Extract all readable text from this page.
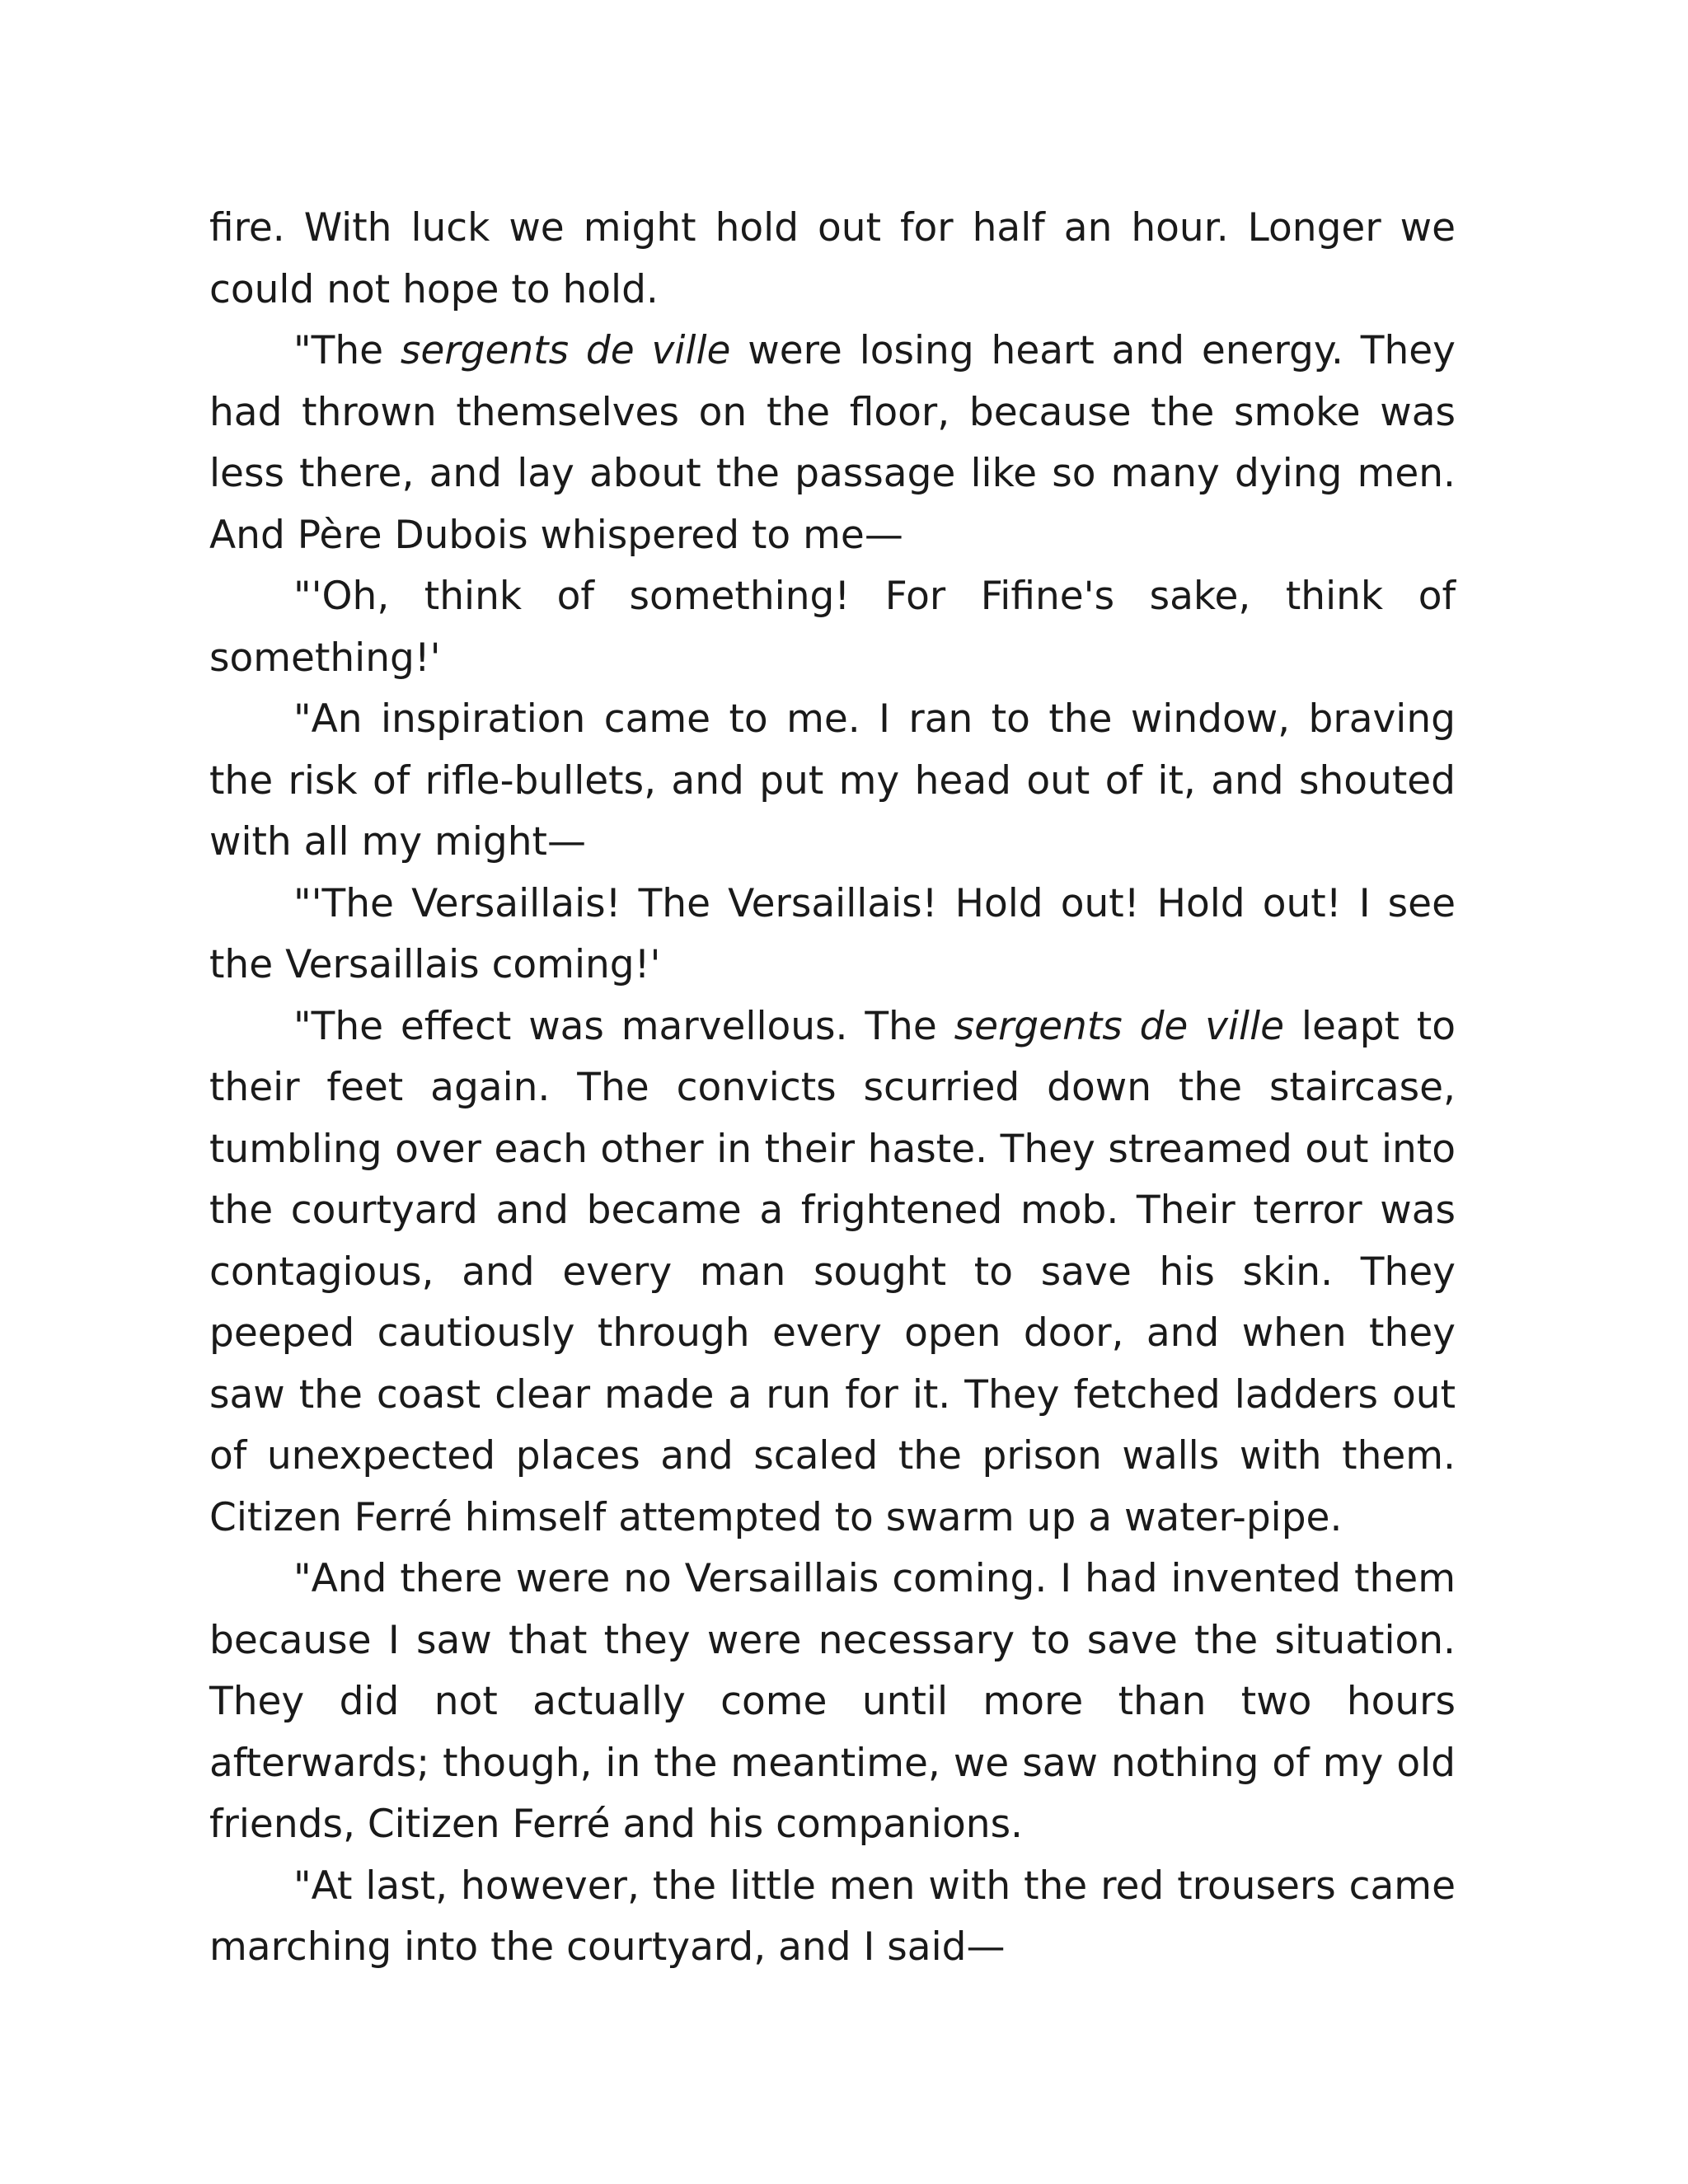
fire. With luck we might hold out for half an hour. Longer we could not hope to hold.

"The sergents de ville were losing heart and energy. They had thrown themselves on the floor, because the smoke was less there, and lay about the passage like so many dying men. And Père Dubois whispered to me—

"'Oh, think of something! For Fifine's sake, think of something!'

"An inspiration came to me. I ran to the window, braving the risk of rifle-bullets, and put my head out of it, and shouted with all my might—

"'The Versaillais! The Versaillais! Hold out! Hold out! I see the Versaillais coming!'

"The effect was marvellous. The sergents de ville leapt to their feet again. The convicts scurried down the staircase, tumbling over each other in their haste. They streamed out into the courtyard and became a frightened mob. Their terror was contagious, and every man sought to save his skin. They peeped cautiously through every open door, and when they saw the coast clear made a run for it. They fetched ladders out of unexpected places and scaled the prison walls with them. Citizen Ferré himself attempted to swarm up a water-pipe.

"And there were no Versaillais coming. I had invented them because I saw that they were necessary to save the situation. They did not actually come until more than two hours afterwards; though, in the meantime, we saw nothing of my old friends, Citizen Ferré and his companions.

"At last, however, the little men with the red trousers came marching into the courtyard, and I said—
